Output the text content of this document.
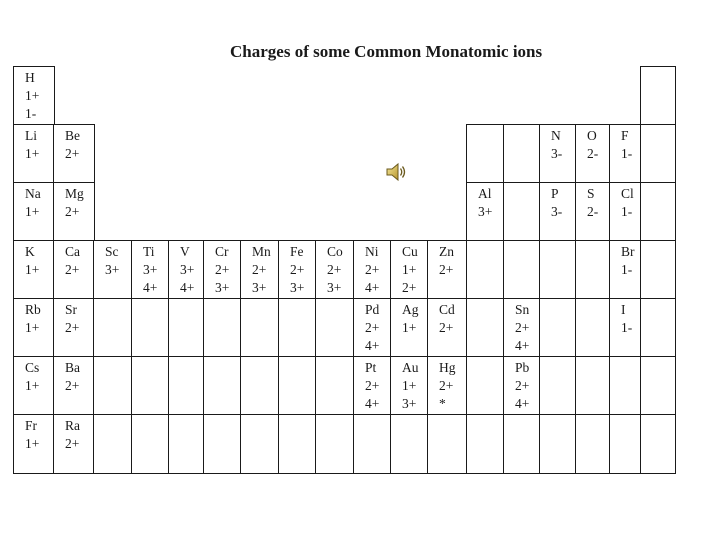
Charges of some Common Monatomic ions
H
1+
1-
Li
1+
Be
2+
N
3-
O
2-
F
1-
Na
1+
Mg
2+
Al
3+
P
3-
S
2-
Cl
1-
K
1+
Ca
2+
Sc
3+
Ti
3+
4+
V
3+
4+
Cr
2+
3+
Mn
2+
3+
Fe
2+
3+
Co
2+
3+
Ni
2+
4+
Cu
1+
2+
Zn
2+
Br
1-
Rb
1+
Sr
2+
Pd
2+
4+
Ag
1+
Cd
2+
Sn
2+
4+
I
1-
Cs
1+
Ba
2+
Pt
2+
4+
Au
1+
3+
Hg
2+
*
Pb
2+
4+
Fr
1+
Ra
2+
